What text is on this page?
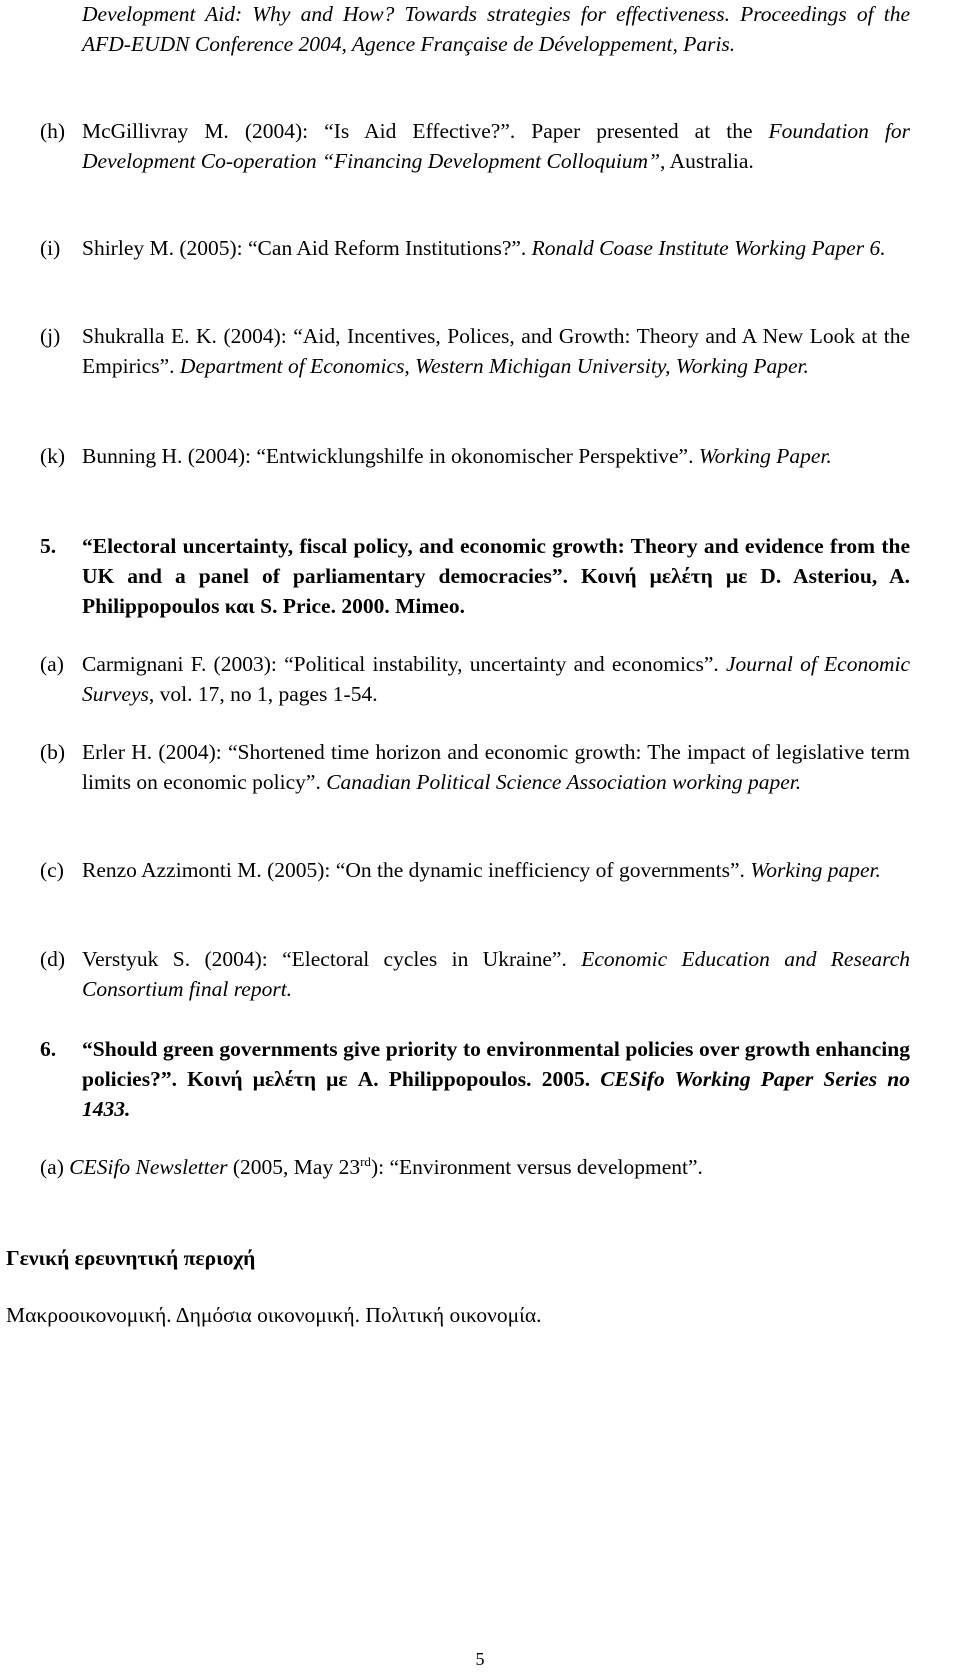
Development Aid: Why and How? Towards strategies for effectiveness. Proceedings of the AFD-EUDN Conference 2004, Agence Française de Développement, Paris.

(h) McGillivray M. (2004): “Is Aid Effective?”. Paper presented at the Foundation for Development Co-operation “Financing Development Colloquium”, Australia.

(i) Shirley M. (2005): “Can Aid Reform Institutions?”. Ronald Coase Institute Working Paper 6.

(j) Shukralla E. K. (2004): “Aid, Incentives, Polices, and Growth: Theory and A New Look at the Empirics”. Department of Economics, Western Michigan University, Working Paper.

(k) Bunning H. (2004): “Entwicklungshilfe in okonomischer Perspektive”. Working Paper.

5. “Electoral uncertainty, fiscal policy, and economic growth: Theory and evidence from the UK and a panel of parliamentary democracies”. Κοινή μελέτη με D. Asteriou, A. Philippopoulos και S. Price. 2000. Mimeo.

(a) Carmignani F. (2003): “Political instability, uncertainty and economics”. Journal of Economic Surveys, vol. 17, no 1, pages 1-54.

(b) Erler H. (2004): “Shortened time horizon and economic growth: The impact of legislative term limits on economic policy”. Canadian Political Science Association working paper.

(c) Renzo Azzimonti M. (2005): “On the dynamic inefficiency of governments”. Working paper.

(d) Verstyuk S. (2004): “Electoral cycles in Ukraine”. Economic Education and Research Consortium final report.

6. “Should green governments give priority to environmental policies over growth enhancing policies?”. Κοινή μελέτη με A. Philippopoulos. 2005. CESifo Working Paper Series no 1433.

(a) CESifo Newsletter (2005, May 23rd): “Environment versus development”.

Γενική ερευνητική περιοχή
Μακροοικονομική. Δημόσια οικονομική. Πολιτική οικονομία.
5
